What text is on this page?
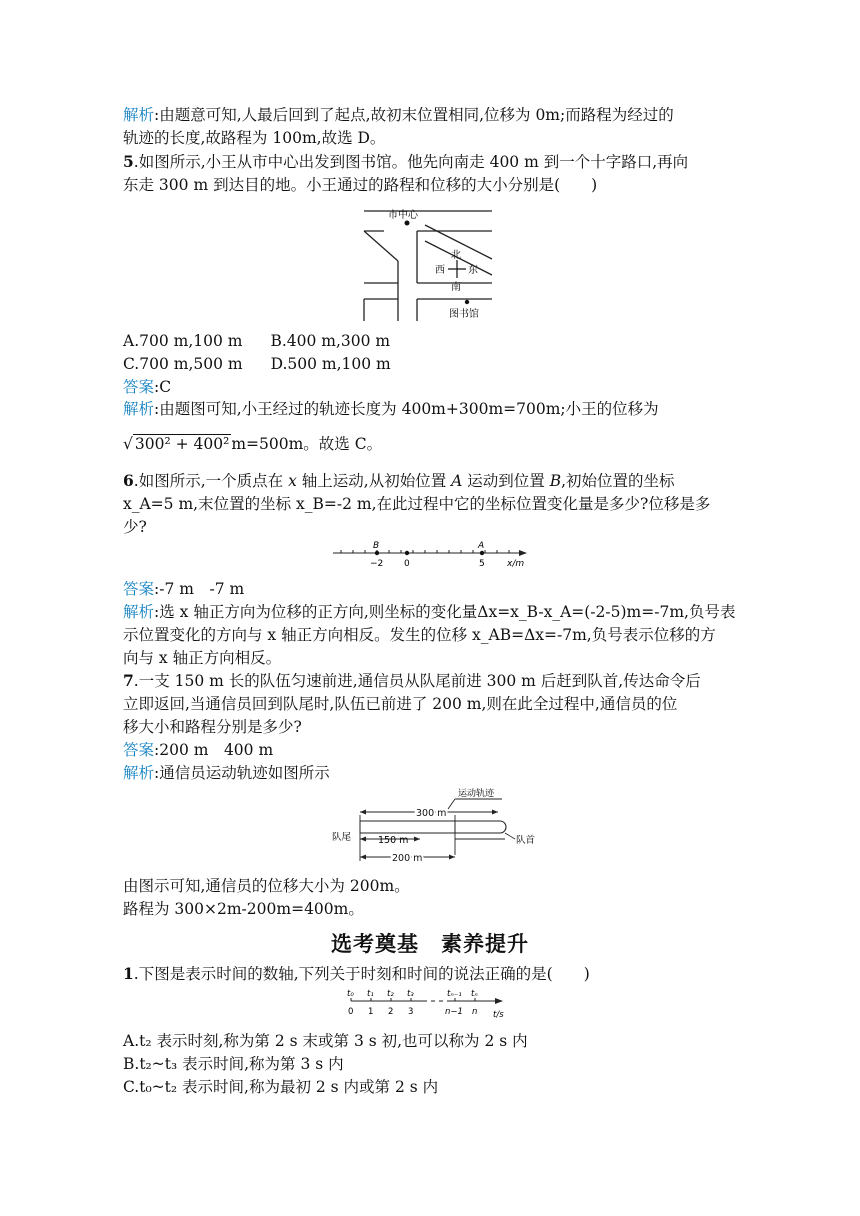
解析:由题意可知,人最后回到了起点,故初末位置相同,位移为 0m;而路程为经过的
轨迹的长度,故路程为 100m,故选 D。
5.如图所示,小王从市中心出发到图书馆。他先向南走 400 m 到一个十字路口,再向
东走 300 m 到达目的地。小王通过的路程和位移的大小分别是(　　)
市中心
北
西 东
南
图书馆
A.700 m,100 m B.400 m,300 m
C.700 m,500 m D.500 m,100 m
答案:C
解析:由题图可知,小王经过的轨迹长度为 400m+300m=700m;小王的位移为
√ 300² + 400² m=500m。故选 C。
6.如图所示,一个质点在 x 轴上运动,从初始位置 A 运动到位置 B,初始位置的坐标
x_A=5 m,末位置的坐标 x_B=-2 m,在此过程中它的坐标位置变化量是多少?位移是多
少?
B	A
−2 0	5 x/m
答案:-7 m　-7 m
解析:选 x 轴正方向为位移的正方向,则坐标的变化量Δx=x_B-x_A=(-2-5)m=-7m,负号表
示位置变化的方向与 x 轴正方向相反。发生的位移 x_AB=Δx=-7m,负号表示位移的方
向与 x 轴正方向相反。
7.一支 150 m 长的队伍匀速前进,通信员从队尾前进 300 m 后赶到队首,传达命令后
立即返回,当通信员回到队尾时,队伍已前进了 200 m,则在此全过程中,通信员的位
移大小和路程分别是多少?
答案:200 m　400 m
解析:通信员运动轨迹如图所示
运动轨迹
300 m
150 m
200 m
队尾	队首
由图示可知,通信员的位移大小为 200m。
路程为 300×2m-200m=400m。
选考奠基　素养提升
1.下图是表示时间的数轴,下列关于时刻和时间的说法正确的是(　　)
t₀ t₁ t₂ t₃	tₙ₋₁ tₙ
0 1 2 3	n−1 n t/s
A.t₂ 表示时刻,称为第 2 s 末或第 3 s 初,也可以称为 2 s 内
B.t₂~t₃ 表示时间,称为第 3 s 内
C.t₀~t₂ 表示时间,称为最初 2 s 内或第 2 s 内
